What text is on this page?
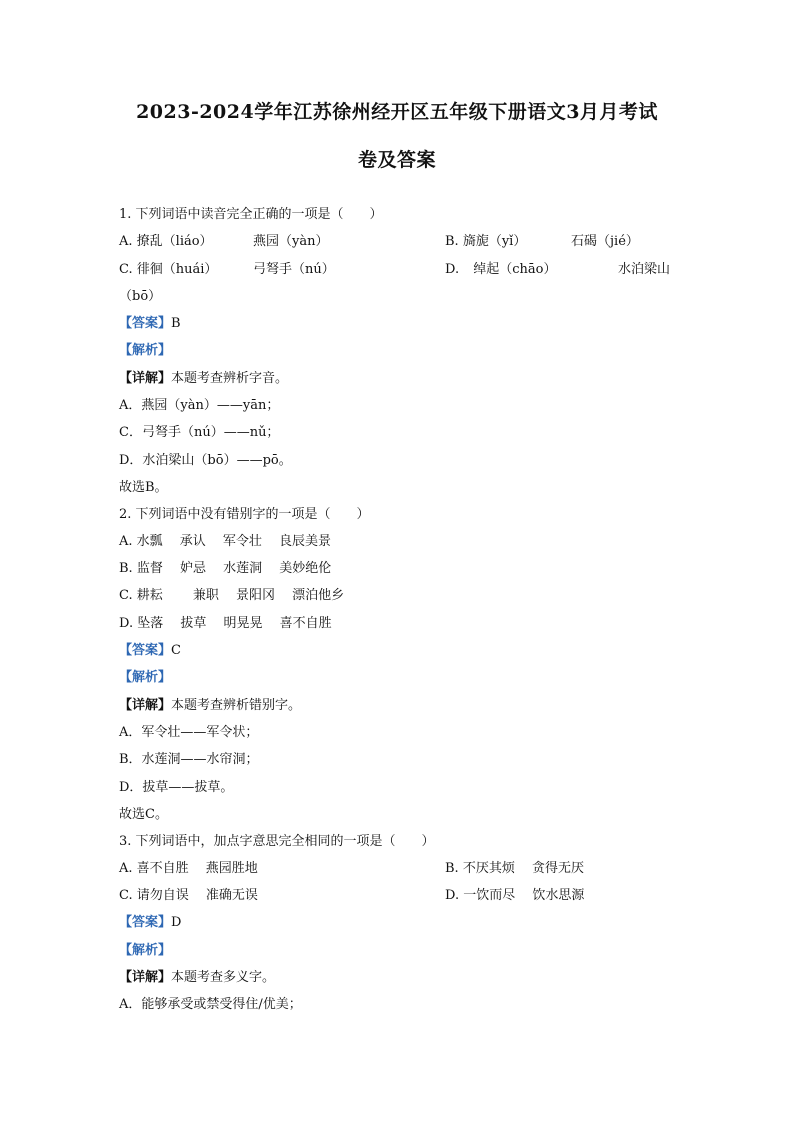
2023-2024学年江苏徐州经开区五年级下册语文3月月考试
卷及答案
1. 下列词语中读音完全正确的一项是（　　）
A. 撩乱（liáo）	燕园（yàn）	B. 旖旎（yǐ）	石碣（jié）
C. 徘徊（huái）	弓弩手（nú）	D. 绰起（chāo）	水泊梁山
（bō）
【答案】B
【解析】
【详解】本题考查辨析字音。
A．燕园（yàn）——yān；
C．弓弩手（nú）——nǔ；
D．水泊梁山（bō）——pō。
故选B。
2. 下列词语中没有错别字的一项是（　　）
A. 水瓢　 承认　 军令壮　 良辰美景
B. 监督　 妒忌　 水莲洞　 美妙绝伦
C. 耕耘　　 兼职　 景阳冈　 漂泊他乡
D. 坠落　 拔草　 明晃晃　 喜不自胜
【答案】C
【解析】
【详解】本题考查辨析错别字。
A．军令壮——军令状；
B．水莲洞——水帘洞；
D．拔草——拔草。
故选C。
3. 下列词语中，加点字意思完全相同的一项是（　　）
A. 喜不自胜　 燕园胜地	B. 不厌其烦　 贪得无厌
C. 请勿自误　 准确无误	D. 一饮而尽　 饮水思源
【答案】D
【解析】
【详解】本题考查多义字。
A．能够承受或禁受得住/优美；
